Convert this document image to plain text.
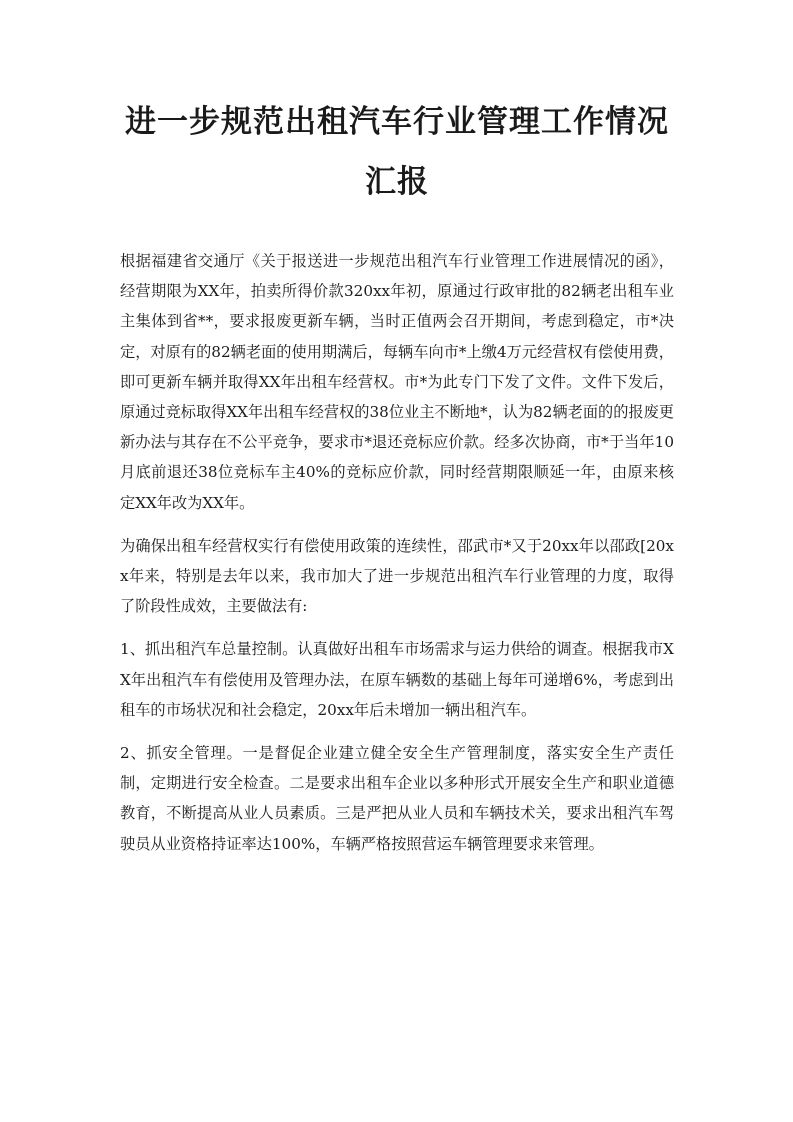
进一步规范出租汽车行业管理工作情况汇报

根据福建省交通厅《关于报送进一步规范出租汽车行业管理工作进展情况的函》，经营期限为XX年，拍卖所得价款320xx年初，原通过行政审批的82辆老出租车业主集体到省**，要求报废更新车辆，当时正值两会召开期间，考虑到稳定，市*决定，对原有的82辆老面的使用期满后，每辆车向市*上缴4万元经营权有偿使用费，即可更新车辆并取得XX年出租车经营权。市*为此专门下发了文件。文件下发后，原通过竞标取得XX年出租车经营权的38位业主不断地*，认为82辆老面的的报废更新办法与其存在不公平竞争，要求市*退还竞标应价款。经多次协商，市*于当年10月底前退还38位竞标车主40%的竞标应价款，同时经营期限顺延一年，由原来核定XX年改为XX年。

为确保出租车经营权实行有偿使用政策的连续性，邵武市*又于20xx年以邵政[20xx年来，特别是去年以来，我市加大了进一步规范出租汽车行业管理的力度，取得了阶段性成效，主要做法有:

1、抓出租汽车总量控制。认真做好出租车市场需求与运力供给的调查。根据我市XX年出租汽车有偿使用及管理办法，在原车辆数的基础上每年可递增6%，考虑到出租车的市场状况和社会稳定，20xx年后未增加一辆出租汽车。

2、抓安全管理。一是督促企业建立健全安全生产管理制度，落实安全生产责任制，定期进行安全检查。二是要求出租车企业以多种形式开展安全生产和职业道德教育，不断提高从业人员素质。三是严把从业人员和车辆技术关，要求出租汽车驾驶员从业资格持证率达100%，车辆严格按照营运车辆管理要求来管理。
